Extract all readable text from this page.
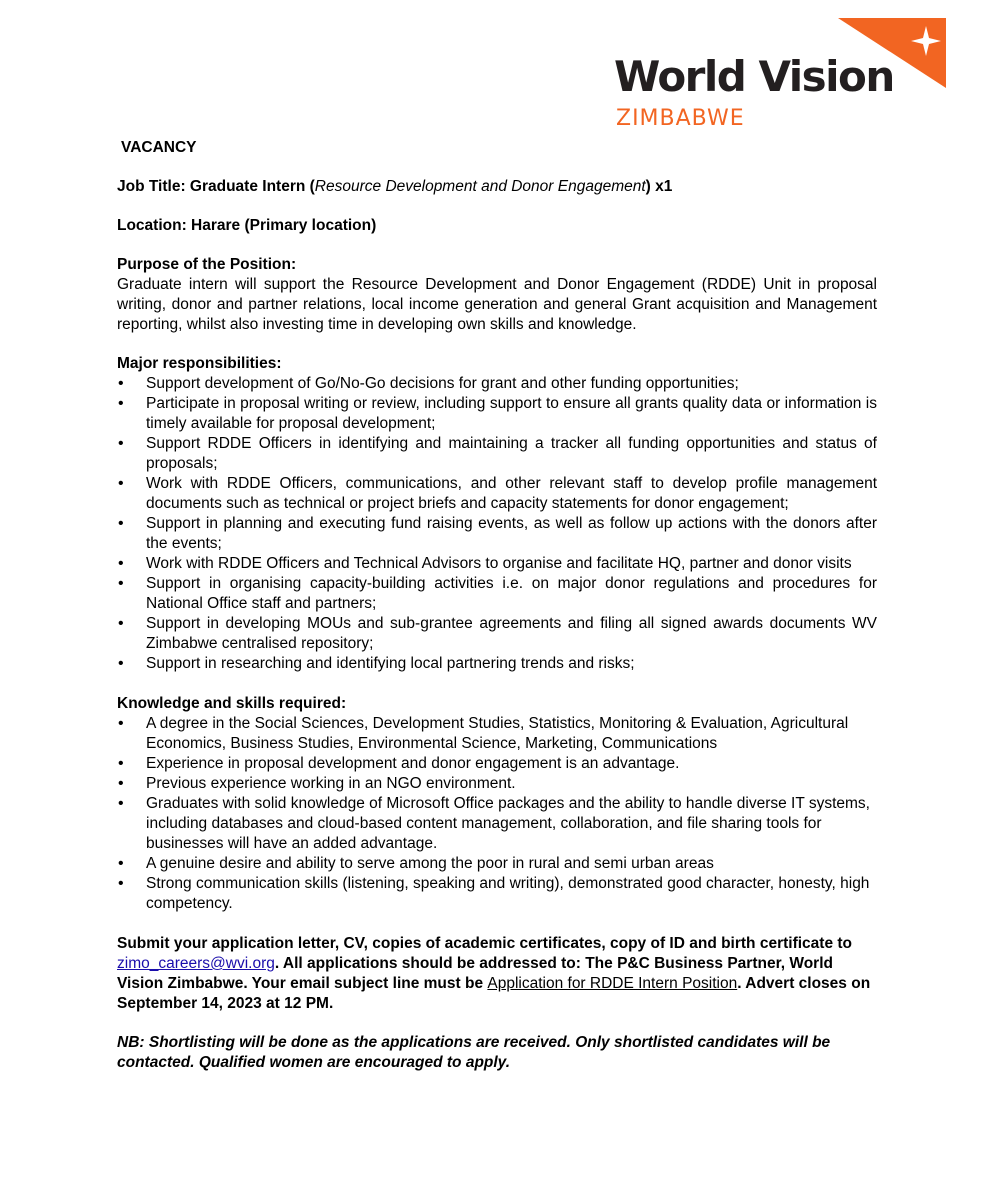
World Vision
ZIMBABWE

VACANCY

Job Title: Graduate Intern (Resource Development and Donor Engagement) x1

Location: Harare (Primary location)

Purpose of the Position:

Graduate intern will support the Resource Development and Donor Engagement (RDDE) Unit in proposal writing, donor and partner relations, local income generation and general Grant acquisition and Management reporting, whilst also investing time in developing own skills and knowledge.

Major responsibilities:

• Support development of Go/No-Go decisions for grant and other funding opportunities;
• Participate in proposal writing or review, including support to ensure all grants quality data or information is timely available for proposal development;
• Support RDDE Officers in identifying and maintaining a tracker all funding opportunities and status of proposals;
• Work with RDDE Officers, communications, and other relevant staff to develop profile management documents such as technical or project briefs and capacity statements for donor engagement;
• Support in planning and executing fund raising events, as well as follow up actions with the donors after the events;
• Work with RDDE Officers and Technical Advisors to organise and facilitate HQ, partner and donor visits
• Support in organising capacity-building activities i.e. on major donor regulations and procedures for National Office staff and partners;
• Support in developing MOUs and sub-grantee agreements and filing all signed awards documents WV Zimbabwe centralised repository;
• Support in researching and identifying local partnering trends and risks;

Knowledge and skills required:

• A degree in the Social Sciences, Development Studies, Statistics, Monitoring & Evaluation, Agricultural Economics, Business Studies, Environmental Science, Marketing, Communications
• Experience in proposal development and donor engagement is an advantage.
• Previous experience working in an NGO environment.
• Graduates with solid knowledge of Microsoft Office packages and the ability to handle diverse IT systems, including databases and cloud-based content management, collaboration, and file sharing tools for businesses will have an added advantage.
• A genuine desire and ability to serve among the poor in rural and semi urban areas
• Strong communication skills (listening, speaking and writing), demonstrated good character, honesty, high competency.

Submit your application letter, CV, copies of academic certificates, copy of ID and birth certificate to zimo_careers@wvi.org. All applications should be addressed to: The P&C Business Partner, World Vision Zimbabwe. Your email subject line must be Application for RDDE Intern Position. Advert closes on September 14, 2023 at 12 PM.

NB: Shortlisting will be done as the applications are received. Only shortlisted candidates will be contacted. Qualified women are encouraged to apply.
